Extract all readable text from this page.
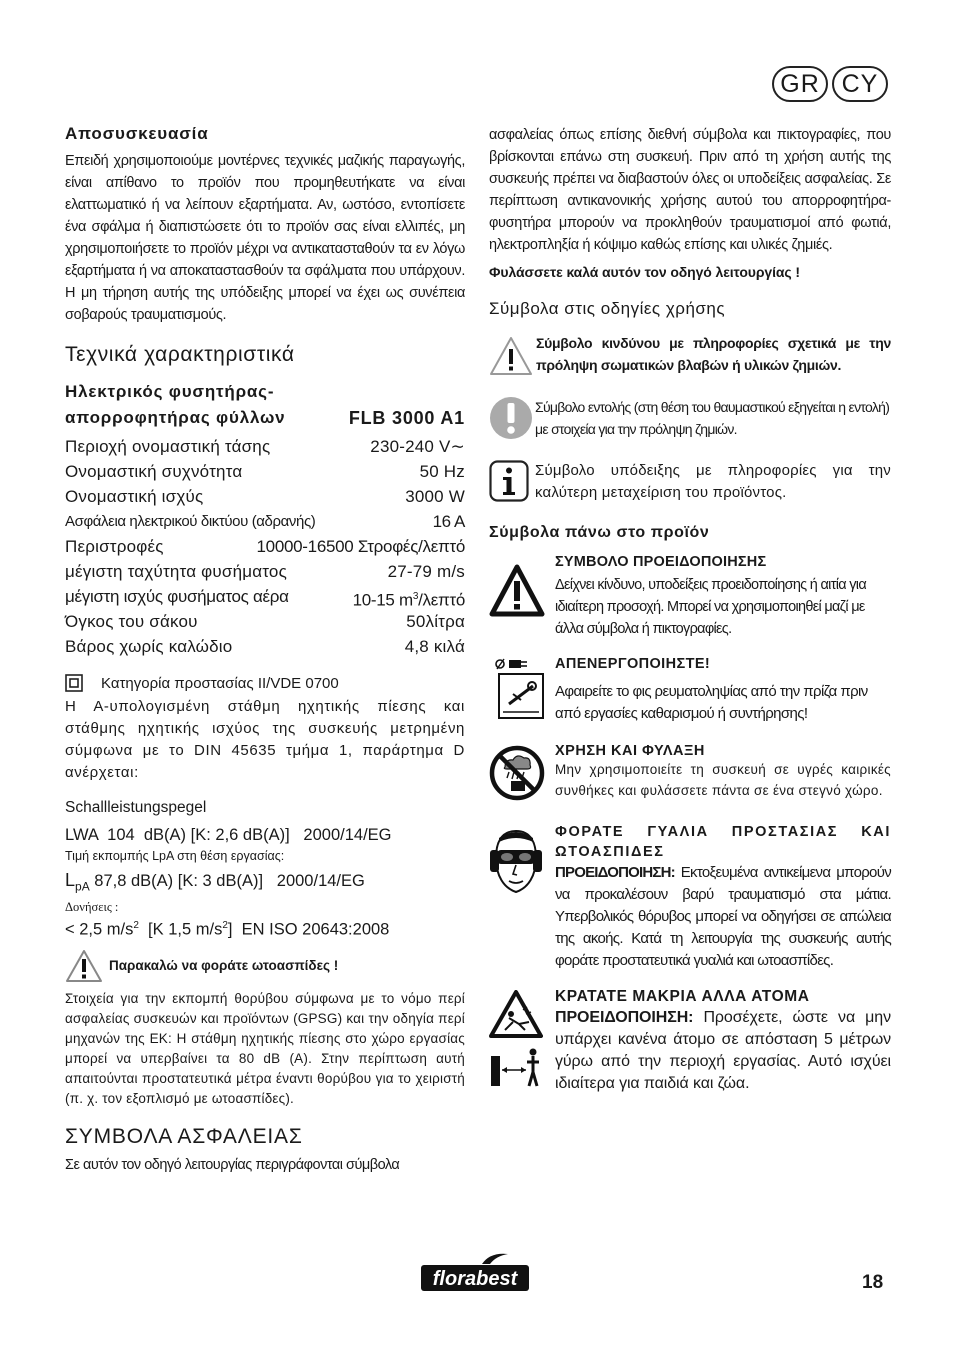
GR CY
Αποσυσκευασία
Επειδή χρησιμοποιούμε μοντέρνες τεχνικές μαζικής παραγωγής, είναι απίθανο το προϊόν που προμηθευτήκατε να είναι ελαττωματικό ή να λείπουν εξαρτήματα. Αν, ωστόσο, εντοπίσετε ένα σφάλμα ή διαπιστώσετε ότι το προϊόν σας είναι ελλιπές, μη χρησιμοποιήσετε το προϊόν μέχρι να αντικατασταθούν τα εν λόγω εξαρτήματα ή να αποκαταστασθούν τα σφάλματα που υπάρχουν. Η μη τήρηση αυτής της υπόδειξης μπορεί να έχει ως συνέπεια σοβαρούς τραυματισμούς.
Τεχνικά χαρακτηριστικά
Ηλεκτρικός φυσητήρας-
απορροφητήρας φύλλων	FLB 3000 A1
Περιοχή ονομαστική τάσης	230-240 V∼
Ονομαστική συχνότητα	50 Hz
Ονομαστική ισχύς	3000 W
Ασφάλεια ηλεκτρικού δικτύου (αδρανής)	16 A
Περιστροφές	10000-16500 Στροφές/λεπτό
μέγιστη ταχύτητα φυσήματος	27-79 m/s
μέγιστη ισχύς φυσήματος αέρα	10-15 $m^3$/λεπτό
Όγκος του σάκου	50λίτρα
Βάρος χωρίς καλώδιο	4,8 κιλά
Κατηγορία προστασίας II/VDE 0700
Η Α-υπολογισμένη στάθμη ηχητικής πίεσης και στάθμης ηχητικής ισχύος της συσκευής μετρημένη σύμφωνα με το DIN 45635 τμήμα 1, παράρτημα D ανέρχεται:
Schallleistungspegel
LWA  104  dB(A) [K: 2,6 dB(A)]   2000/14/EG
Τιμή εκπομπής LpA στη θέση εργασίας:
$L_{pA}$ 87,8 dB(A) [K: 3 dB(A)]   2000/14/EG
Δονήσεις :
< 2,5 $m/s^2$  [K 1,5 $m/s^2$]  EN ISO 20643:2008
Παρακαλώ να φοράτε ωτοασπίδες !
Στοιχεία για την εκπομπή θορύβου σύμφωνα με το νόμο περί ασφαλείας συσκευών και προϊόντων (GPSG) και την οδηγία περί μηχανών της ΕΚ: Η στάθμη ηχητικής πίεσης στο χώρο εργασίας μπορεί να υπερβαίνει τα 80 dB (A). Στην περίπτωση αυτή απαιτούνται προστατευτικά μέτρα έναντι θορύβου για το χειριστή (π. χ. τον εξοπλισμό με ωτοασπίδες).
ΣΥΜΒΟΛΑ ΑΣΦΑΛΕΙΑΣ
Σε αυτόν τον οδηγό λειτουργίας περιγράφονται σύμβολα
ασφαλείας όπως επίσης διεθνή σύμβολα και πικτογραφίες, που βρίσκονται επάνω στη συσκευή. Πριν από τη χρήση αυτής της συσκευής πρέπει να διαβαστούν όλες οι υποδείξεις ασφαλείας. Σε περίπτωση αντικανονικής χρήσης αυτού του απορροφητήρα-φυσητήρα μπορούν να προκληθούν τραυματισμοί από φωτιά, ηλεκτροπληξία ή κόψιμο καθώς επίσης και υλικές ζημιές.
Φυλάσσετε καλά αυτόν τον οδηγό λειτουργίας !
Σύμβολα στις οδηγίες χρήσης
Σύμβολο κινδύνου με πληροφορίες σχετικά με την πρόληψη σωματικών βλαβών ή υλικών ζημιών.
Σύμβολο εντολής (στη θέση του θαυμαστικού εξηγείται η εντολή) με στοιχεία για την πρόληψη ζημιών.
Σύμβολο υπόδειξης με πληροφορίες για την καλύτερη μεταχείριση του προϊόντος.
Σύμβολα πάνω στο προϊόν
ΣΥΜΒΟΛΟ ΠΡΟΕΙΔΟΠΟΙΗΣΗΣ
Δείχνει κίνδυνο, υποδείξεις προειδοποίησης ή αιτία για ιδιαίτερη προσοχή. Μπορεί να χρησιμοποιηθεί μαζί με άλλα σύμβολα ή πικτογραφίες.
ΑΠΕΝΕΡΓΟΠΟΙΗΣΤΕ!
Αφαιρείτε το φις ρευματοληψίας από την πρίζα πριν από εργασίες καθαρισμού ή συντήρησης!
ΧΡΗΣΗ ΚΑΙ ΦΥΛΑΞΗ
Μην χρησιμοποιείτε τη συσκευή σε υγρές καιρικές συνθήκες και φυλάσσετε πάντα σε ένα στεγνό χώρο.
ΦΟΡΑΤΕ ΓΥΑΛΙΑ ΠΡΟΣΤΑΣΙΑΣ ΚΑΙ ΩΤΟΑΣΠΙΔΕΣ
ΠΡΟΕΙΔΟΠΟΙΗΣΗ: Εκτοξευμένα αντικείμενα μπορούν να προκαλέσουν βαρύ τραυματισμό στα μάτια. Υπερβολικός θόρυβος μπορεί να οδηγήσει σε απώλεια της ακοής. Κατά τη λειτουργία της συσκευής αυτής φοράτε προστατευτικά γυαλιά και ωτοασπίδες.
ΚΡΑΤΑΤΕ ΜΑΚΡΙΑ ΑΛΛΑ ΑΤΟΜΑ
ΠΡΟΕΙΔΟΠΟΙΗΣΗ: Προσέχετε, ώστε να μην υπάρχει κανένα άτομο σε απόσταση 5 μέτρων γύρω από την περιοχή εργασίας. Αυτό ισχύει ιδιαίτερα για παιδιά και ζώα.
florabest	18
